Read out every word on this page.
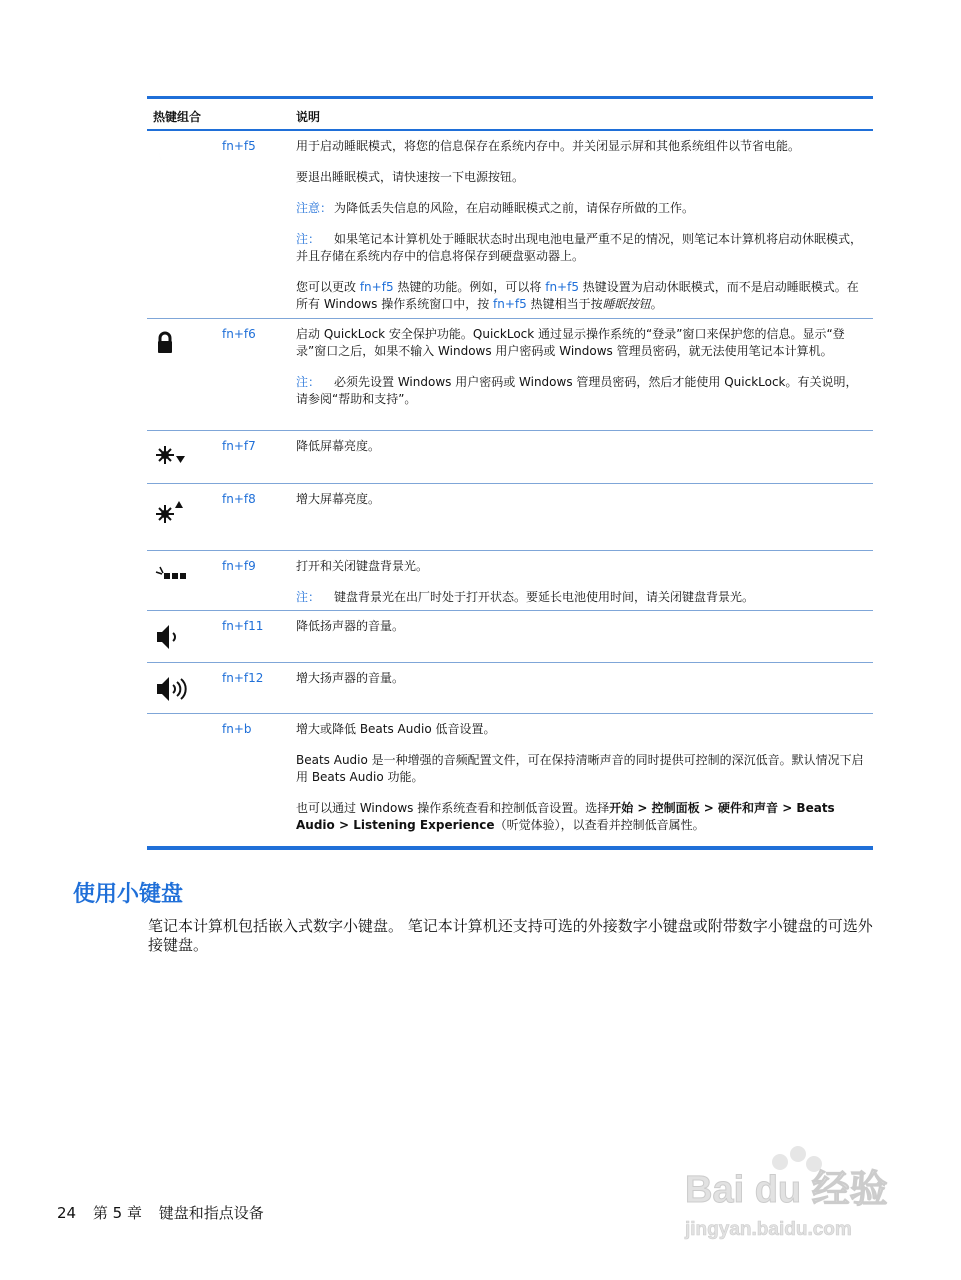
热键组合	说明
fn+f5	用于启动睡眠模式，将您的信息保存在系统内存中。并关闭显示屏和其他系统组件以节省电能。

要退出睡眠模式，请快速按一下电源按钮。

注意： 为降低丢失信息的风险，在启动睡眠模式之前，请保存所做的工作。

注： 如果笔记本计算机处于睡眠状态时出现电池电量严重不足的情况，则笔记本计算机将启动休眠模式，并且存储在系统内存中的信息将保存到硬盘驱动器上。

您可以更改 fn+f5 热键的功能。例如，可以将 fn+f5 热键设置为启动休眠模式，而不是启动睡眠模式。在所有 Windows 操作系统窗口中，按 fn+f5 热键相当于按睡眠按钮。

fn+f6	启动 QuickLock 安全保护功能。QuickLock 通过显示操作系统的“登录”窗口来保护您的信息。显示“登录”窗口之后，如果不输入 Windows 用户密码或 Windows 管理员密码，就无法使用笔记本计算机。

注： 必须先设置 Windows 用户密码或 Windows 管理员密码，然后才能使用 QuickLock。有关说明，请参阅“帮助和支持”。

fn+f7	降低屏幕亮度。

fn+f8	增大屏幕亮度。

fn+f9	打开和关闭键盘背景光。

注： 键盘背景光在出厂时处于打开状态。要延长电池使用时间，请关闭键盘背景光。

fn+f11	降低扬声器的音量。

fn+f12	增大扬声器的音量。

fn+b	增大或降低 Beats Audio 低音设置。

Beats Audio 是一种增强的音频配置文件，可在保持清晰声音的同时提供可控制的深沉低音。默认情况下启用 Beats Audio 功能。

也可以通过 Windows 操作系统查看和控制低音设置。选择开始 > 控制面板 > 硬件和声音 > Beats Audio > Listening Experience（听觉体验），以查看并控制低音属性。

使用小键盘
笔记本计算机包括嵌入式数字小键盘。 笔记本计算机还支持可选的外接数字小键盘或附带数字小键盘的可选外接键盘。
24 第 5 章 键盘和指点设备
Bai du 经验
jingyan.baidu.com
